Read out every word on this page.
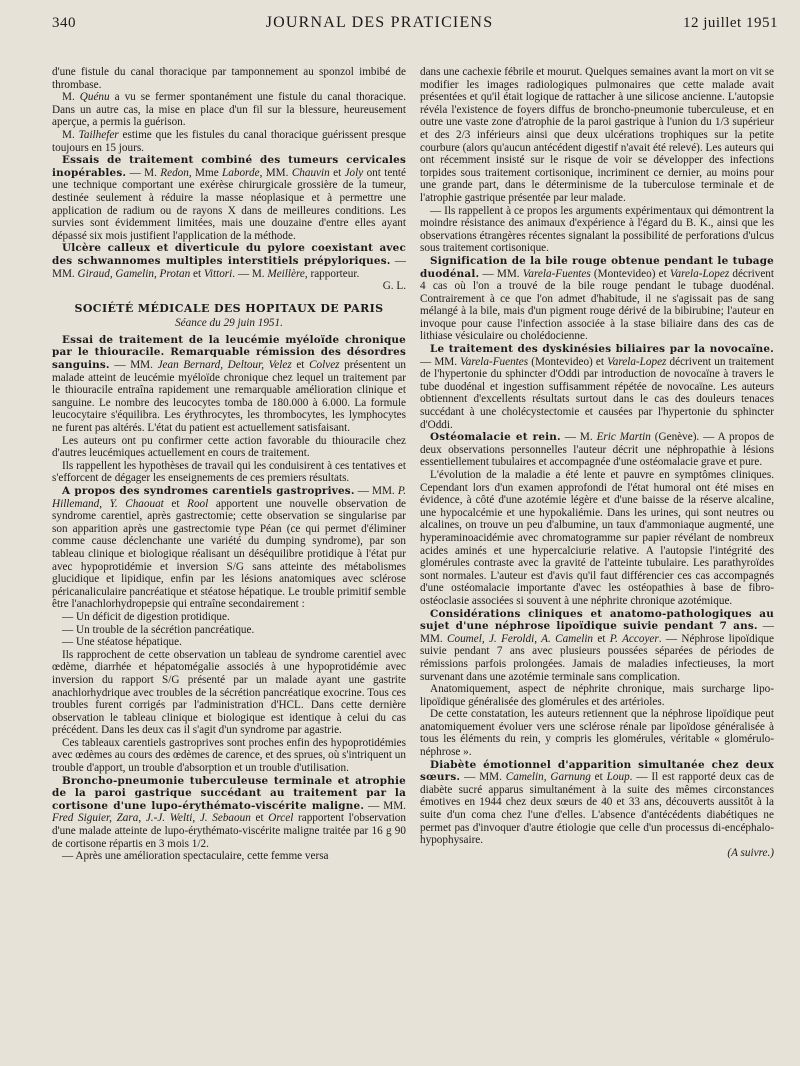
340	JOURNAL DES PRATICIENS	12 juillet 1951

d'une fistule du canal thoracique par tamponnement au sponzol imbibé de thrombase.

M. Quénu a vu se fermer spontanément une fistule du canal thoracique. Dans un autre cas, la mise en place d'un fil sur la blessure, heureusement aperçue, a permis la guérison.

M. Tailhefer estime que les fistules du canal thoracique guérissent presque toujours en 15 jours.

Essais de traitement combiné des tumeurs cervicales inopérables. — M. Redon, Mme Laborde, MM. Chauvin et Joly ont tenté une technique comportant une exérèse chirurgicale grossière de la tumeur, destinée seulement à réduire la masse néoplasique et à permettre une application de radium ou de rayons X dans de meilleures conditions. Les survies sont évidemment limitées, mais une douzaine d'entre elles ayant dépassé six mois justifient l'application de la méthode.

Ulcère calleux et diverticule du pylore coexistant avec des schwannomes multiples interstitiels prépyloriques. — MM. Giraud, Gamelin, Protan et Vittori. — M. Meillère, rapporteur.

G. L.
SOCIÉTÉ MÉDICALE DES HOPITAUX DE PARIS
Séance du 29 juin 1951.

Essai de traitement de la leucémie myéloïde chronique par le thiouracile. Remarquable rémission des désordres sanguins. — MM. Jean Bernard, Deltour, Velez et Colvez présentent un malade atteint de leucémie myéloïde chronique chez lequel un traitement par le thiouracile entraîna rapidement une remarquable amélioration clinique et sanguine. Le nombre des leucocytes tomba de 180.000 à 6.000. La formule leucocytaire s'équilibra. Les érythrocytes, les thrombocytes, les lymphocytes ne furent pas altérés. L'état du patient est actuellement satisfaisant.

Les auteurs ont pu confirmer cette action favorable du thiouracile chez d'autres leucémiques actuellement en cours de traitement.

Ils rappellent les hypothèses de travail qui les conduisirent à ces tentatives et s'efforcent de dégager les enseignements de ces premiers résultats.

A propos des syndromes carentiels gastroprives. — MM. P. Hillemand, Y. Chaouat et Rool apportent une nouvelle observation de syndrome carentiel, après gastrectomie; cette observation se singularise par son apparition après une gastrectomie type Péan (ce qui permet d'éliminer comme cause déclenchante une variété du dumping syndrome), par son tableau clinique et biologique réalisant un déséquilibre protidique à l'état pur avec hypoprotidémie et inversion S/G sans atteinte des métabolismes glucidique et lipidique, enfin par les lésions anatomiques avec sclérose péricanaliculaire pancréatique et stéatose hépatique. Le trouble primitif semble être l'anachlorhydropepsie qui entraîne secondairement :

— Un déficit de digestion protidique.

— Un trouble de la sécrétion pancréatique.

— Une stéatose hépatique.

Ils rapprochent de cette observation un tableau de syndrome carentiel avec œdème, diarrhée et hépatomégalie associés à une hypoprotidémie avec inversion du rapport S/G présenté par un malade ayant une gastrite anachlorhydrique avec troubles de la sécrétion pancréatique exocrine. Tous ces troubles furent corrigés par l'administration d'HCL. Dans cette dernière observation le tableau clinique et biologique est identique à celui du cas précédent. Dans les deux cas il s'agit d'un syndrome par agastrie.

Ces tableaux carentiels gastroprives sont proches enfin des hypoprotidémies avec œdèmes au cours des œdèmes de carence, et des sprues, où s'intriquent un trouble d'apport, un trouble d'absorption et un trouble d'utilisation.

Broncho-pneumonie tuberculeuse terminale et atrophie de la paroi gastrique succédant au traitement par la cortisone d'une lupo-érythémato-viscérite maligne. — MM. Fred Siguier, Zara, J.-J. Welti, J. Sebaoun et Orcel rapportent l'observation d'une malade atteinte de lupo-érythémato-viscérite maligne traitée par 16 g 90 de cortisone répartis en 3 mois 1/2.

— Après une amélioration spectaculaire, cette femme versa

dans une cachexie fébrile et mourut. Quelques semaines avant la mort on vit se modifier les images radiologiques pulmonaires que cette malade avait présentées et qu'il était logique de rattacher à une silicose ancienne. L'autopsie révéla l'existence de foyers diffus de broncho-pneumonie tuberculeuse, et en outre une vaste zone d'atrophie de la paroi gastrique à l'union du 1/3 supérieur et des 2/3 inférieurs ainsi que deux ulcérations trophiques sur la petite courbure (alors qu'aucun antécédent digestif n'avait été relevé). Les auteurs qui ont récemment insisté sur le risque de voir se développer des infections torpides sous traitement cortisonique, incriminent ce dernier, au moins pour une grande part, dans le déterminisme de la tuberculose terminale et de l'atrophie gastrique présentée par leur malade.

— Ils rappellent à ce propos les arguments expérimentaux qui démontrent la moindre résistance des animaux d'expérience à l'égard du B. K., ainsi que les observations étrangères récentes signalant la possibilité de perforations d'ulcus sous traitement cortisonique.

Signification de la bile rouge obtenue pendant le tubage duodénal. — MM. Varela-Fuentes (Montevideo) et Varela-Lopez décrivent 4 cas où l'on a trouvé de la bile rouge pendant le tubage duodénal. Contrairement à ce que l'on admet d'habitude, il ne s'agissait pas de sang mélangé à la bile, mais d'un pigment rouge dérivé de la bibirubine; l'auteur en invoque pour cause l'infection associée à la stase biliaire dans des cas de lithiase vésiculaire ou cholédocienne.

Le traitement des dyskinésies biliaires par la novocaïne. — MM. Varela-Fuentes (Montevideo) et Varela-Lopez décrivent un traitement de l'hypertonie du sphincter d'Oddi par introduction de novocaïne à travers le tube duodénal et ingestion suffisamment répétée de novocaïne. Les auteurs obtiennent d'excellents résultats surtout dans le cas des douleurs tenaces succédant à une cholécystectomie et causées par l'hypertonie du sphincter d'Oddi.

Ostéomalacie et rein. — M. Eric Martin (Genève). — A propos de deux observations personnelles l'auteur décrit une néphropathie à lésions essentiellement tubulaires et accompagnée d'une ostéomalacie grave et pure.

L'évolution de la maladie a été lente et pauvre en symptômes cliniques. Cependant lors d'un examen approfondi de l'état humoral ont été mises en évidence, à côté d'une azotémie légère et d'une baisse de la réserve alcaline, une hypocalcémie et une hypokaliémie. Dans les urines, qui sont neutres ou alcalines, on trouve un peu d'albumine, un taux d'ammoniaque augmenté, une hyperaminoacidémie avec chromatogramme sur papier révélant de nombreux acides aminés et une hypercalciurie relative. A l'autopsie l'intégrité des glomérules contraste avec la gravité de l'atteinte tubulaire. Les parathyroïdes sont normales. L'auteur est d'avis qu'il faut différencier ces cas accompagnés d'une ostéomalacie importante d'avec les ostéopathies à base de fibro-ostéoclasie associées si souvent à une néphrite chronique azotémique.

Considérations cliniques et anatomo-pathologiques au sujet d'une néphrose lipoïdique suivie pendant 7 ans. — MM. Coumel, J. Feroldi, A. Camelin et P. Accoyer. — Néphrose lipoïdique suivie pendant 7 ans avec plusieurs poussées séparées de périodes de rémissions parfois prolongées. Jamais de maladies infectieuses, la mort survenant dans une azotémie terminale sans complication.

Anatomiquement, aspect de néphrite chronique, mais surcharge lipo-lipoïdique généralisée des glomérules et des artérioles.

De cette constatation, les auteurs retiennent que la néphrose lipoïdique peut anatomiquement évoluer vers une sclérose rénale par lipoïdose généralisée à tous les éléments du rein, y compris les glomérules, véritable « glomérulo-néphrose ».

Diabète émotionnel d'apparition simultanée chez deux sœurs. — MM. Camelin, Garnung et Loup. — Il est rapporté deux cas de diabète sucré apparus simultanément à la suite des mêmes circonstances émotives en 1944 chez deux sœurs de 40 et 33 ans, découverts aussitôt à la suite d'un coma chez l'une d'elles. L'absence d'antécédents diabétiques ne permet pas d'invoquer d'autre étiologie que celle d'un processus di-encéphalo-hypophysaire.

(A suivre.)
